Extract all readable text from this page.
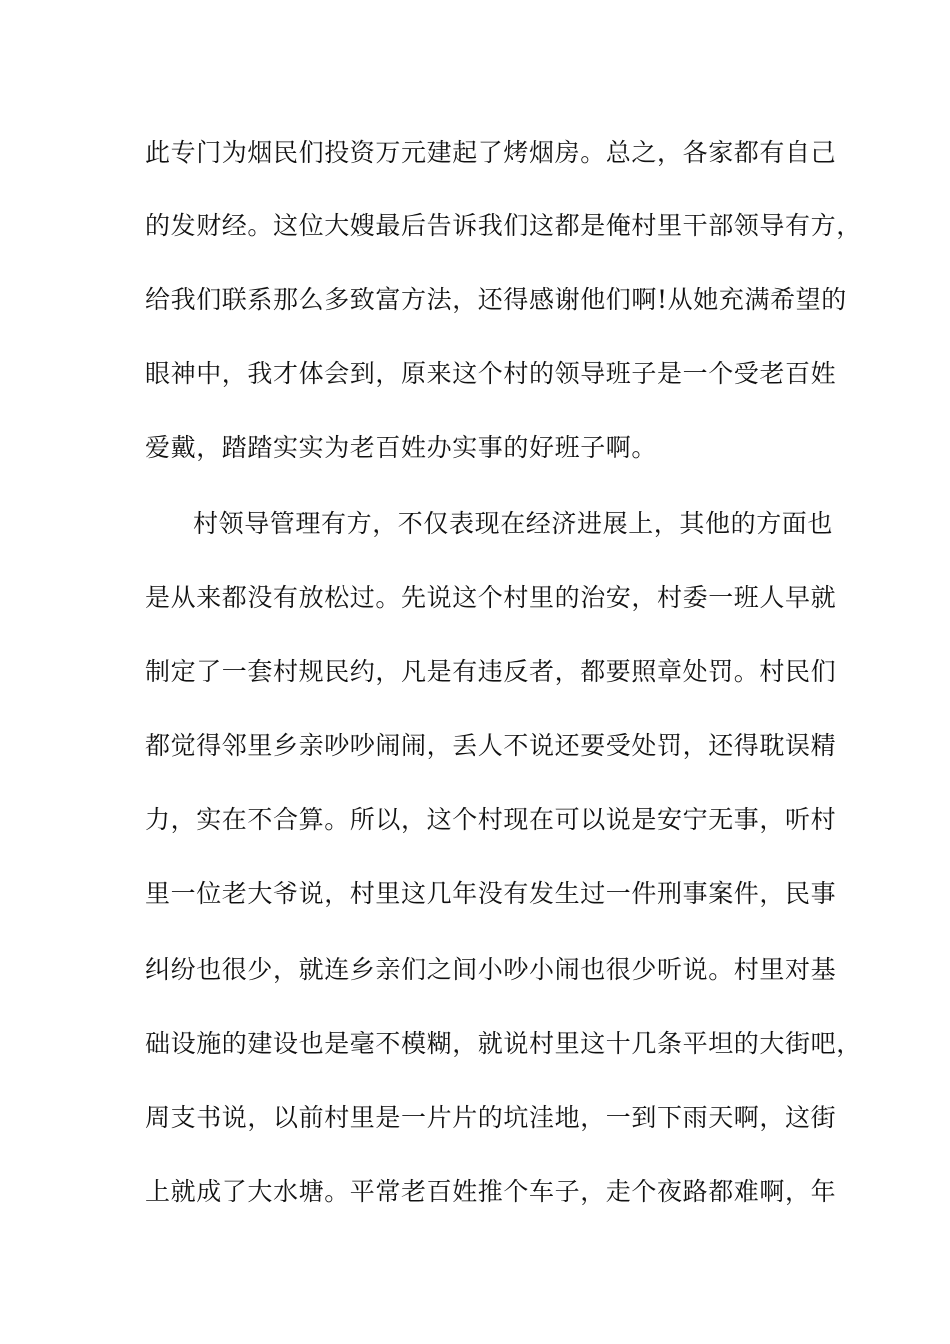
此专门为烟民们投资万元建起了烤烟房。总之，各家都有自己
的发财经。这位大嫂最后告诉我们这都是俺村里干部领导有方，
给我们联系那么多致富方法，还得感谢他们啊!从她充满希望的
眼神中，我才体会到，原来这个村的领导班子是一个受老百姓
爱戴，踏踏实实为老百姓办实事的好班子啊。
村领导管理有方，不仅表现在经济进展上，其他的方面也
是从来都没有放松过。先说这个村里的治安，村委一班人早就
制定了一套村规民约，凡是有违反者，都要照章处罚。村民们
都觉得邻里乡亲吵吵闹闹，丢人不说还要受处罚，还得耽误精
力，实在不合算。所以，这个村现在可以说是安宁无事，听村
里一位老大爷说，村里这几年没有发生过一件刑事案件，民事
纠纷也很少，就连乡亲们之间小吵小闹也很少听说。村里对基
础设施的建设也是毫不模糊，就说村里这十几条平坦的大街吧，
周支书说，以前村里是一片片的坑洼地，一到下雨天啊，这街
上就成了大水塘。平常老百姓推个车子，走个夜路都难啊，年
